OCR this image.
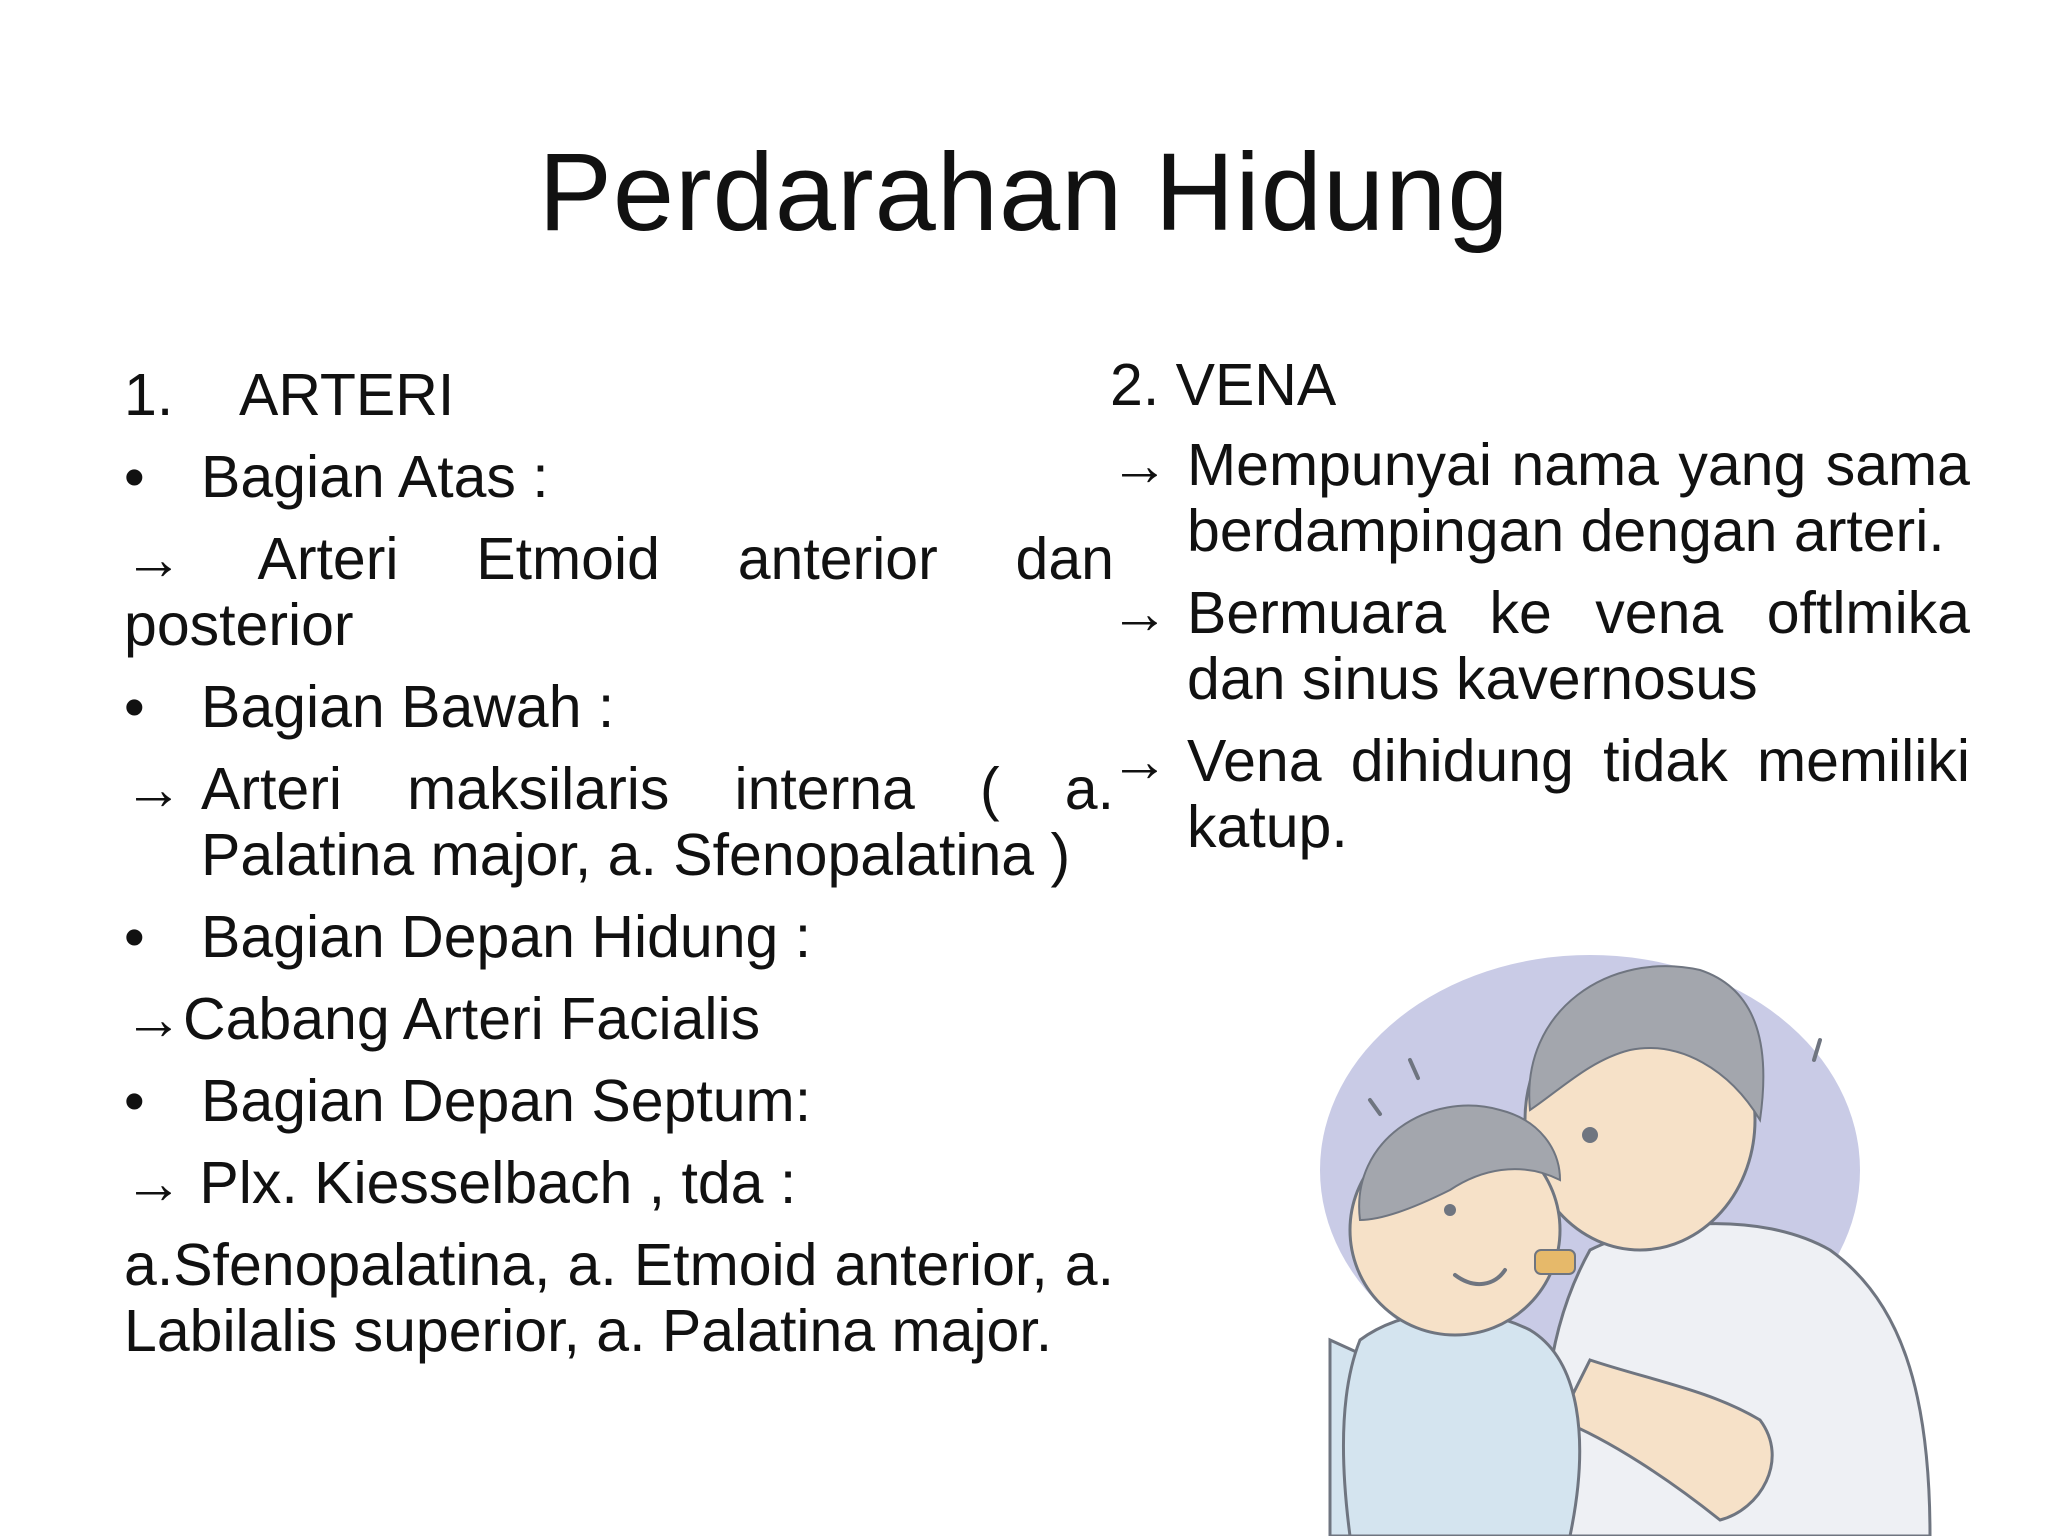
Perdarahan Hidung
1.	ARTERI
• Bagian Atas :
→ Arteri Etmoid anterior dan posterior
• Bagian Bawah :
→ Arteri maksilaris interna ( a. Palatina major, a. Sfenopalatina )
• Bagian Depan Hidung :
→Cabang Arteri Facialis
• Bagian Depan Septum:
→ Plx. Kiesselbach , tda :
a.Sfenopalatina, a. Etmoid anterior, a. Labilalis superior, a. Palatina major.
2. VENA
→ Mempunyai nama yang sama berdampingan dengan arteri.
→ Bermuara ke vena oftlmika dan sinus kavernosus
→ Vena dihidung tidak memiliki katup.
